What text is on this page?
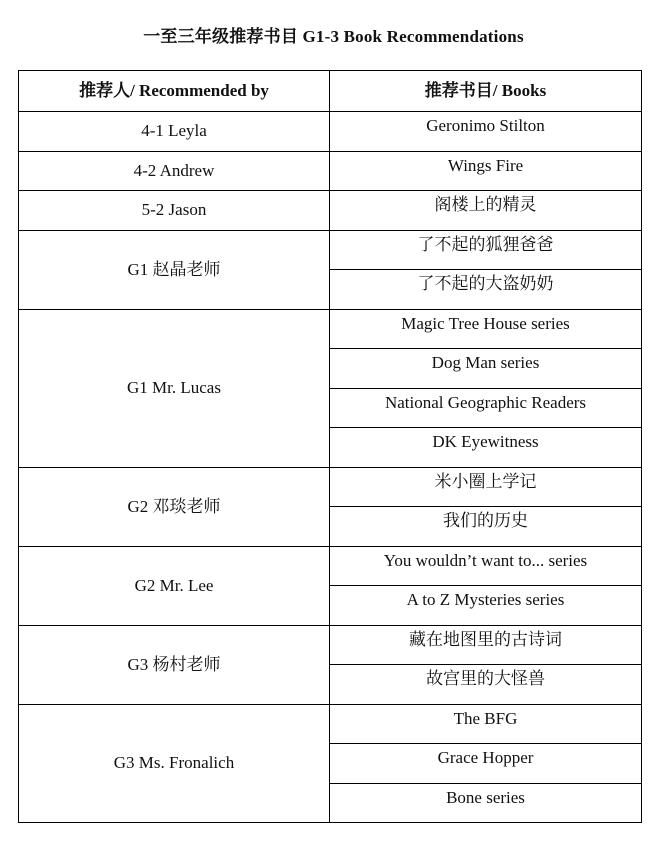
一至三年级推荐书目 G1-3 Book Recommendations
推荐人/ Recommended by	推荐书目/ Books
4-1 Leyla	Geronimo Stilton
4-2 Andrew	Wings Fire
5-2 Jason	阁楼上的精灵
G1 赵晶老师	了不起的狐狸爸爸
	了不起的大盗奶奶
G1 Mr. Lucas	Magic Tree House series
	Dog Man series
	National Geographic Readers
	DK Eyewitness
G2 邓琰老师	米小圈上学记
	我们的历史
G2 Mr. Lee	You wouldn’t want to... series
	A to Z Mysteries series
G3 杨村老师	藏在地图里的古诗词
	故宫里的大怪兽
G3 Ms. Fronalich	The BFG
	Grace Hopper
	Bone series
